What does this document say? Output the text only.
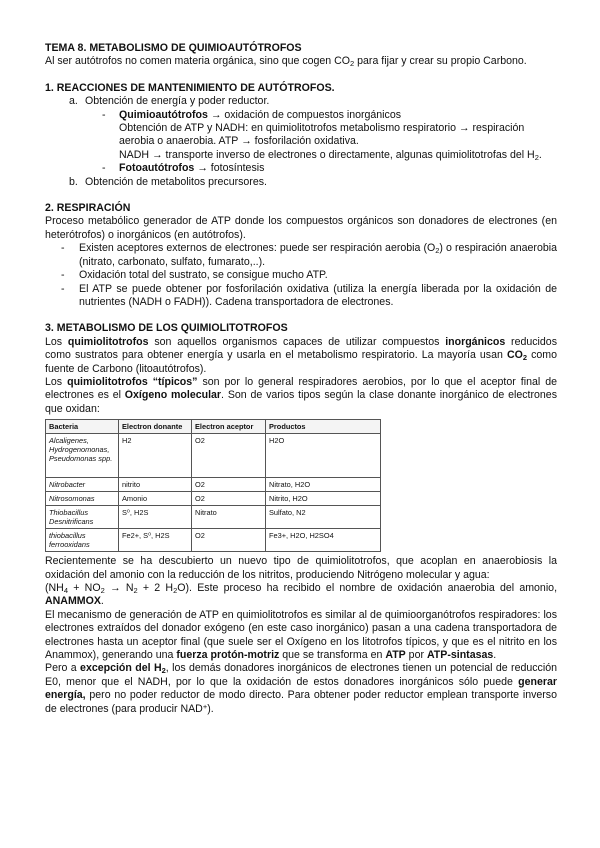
TEMA 8. METABOLISMO DE QUIMIOAUTÓTROFOS

Al ser autótrofos no comen materia orgánica, sino que cogen $CO_2$ para fijar y crear su propio Carbono.

1. REACCIONES DE MANTENIMIENTO DE AUTÓTROFOS.

a. Obtención de energía y poder reductor.
-	Quimioautótrofos → oxidación de compuestos inorgánicos

Obtención de ATP y NADH: en quimiolitotrofos metabolismo respiratorio → respiración aerobia o anaerobia. ATP → fosforilación oxidativa.

NADH → transporte inverso de electrones o directamente, algunas quimiolitotrofas del $H_2$.

-	Fotoautótrofos → fotosíntesis
b. Obtención de metabolitos precursores.

2. RESPIRACIÓN

Proceso metabólico generador de ATP donde los compuestos orgánicos son donadores de electrones (en heterótrofos) o inorgánicos (en autótrofos).

-	Existen aceptores externos de electrones: puede ser respiración aerobia $(O_2)$ o respiración anaerobia (nitrato, carbonato, sulfato, fumarato,..).
-	Oxidación total del sustrato, se consigue mucho ATP.
-	El ATP se puede obtener por fosforilación oxidativa (utiliza la energía liberada por la oxidación de nutrientes (NADH o FADH)). Cadena transportadora de electrones.

3. METABOLISMO DE LOS QUIMIOLITOTROFOS

Los quimiolitotrofos son aquellos organismos capaces de utilizar compuestos inorgánicos reducidos como sustratos para obtener energía y usarla en el metabolismo respiratorio. La mayoría usan $CO_2$ como fuente de Carbono (litoautótrofos).

Los quimiolitotrofos “típicos” son por lo general respiradores aerobios, por lo que el aceptor final de electrones es el Oxígeno molecular. Son de varios tipos según la clase donante inorgánico de electrones que oxidan:

Bacteria	Electron donante	Electron aceptor	Productos
Alcaligenes, Hydrogenomonas, Pseudomonas spp.	H2	O2	H2O
Nitrobacter	nitrito	O2	Nitrato, H2O
Nitrosomonas	Amonio	O2	Nitrito, H2O
Thiobacillus Desnitrificans	S⁰, H2S	Nitrato	Sulfato, N2
thiobacillus ferrooxidans	Fe2+, S⁰, H2S	O2	Fe3+, H2O, H2SO4

Recientemente se ha descubierto un nuevo tipo de quimiolitotrofos, que acoplan en anaerobiosis la oxidación del amonio con la reducción de los nitritos, produciendo Nitrógeno molecular y agua:

($NH_4 + NO_2 \to N_2 + 2$ $H_2O$). Este proceso ha recibido el nombre de oxidación anaerobia del amonio, ANAMMOX.

El mecanismo de generación de ATP en quimiolitotrofos es similar al de quimioorganótrofos respiradores: los electrones extraídos del donador exógeno (en este caso inorgánico) pasan a una cadena transportadora de electrones hasta un aceptor final (que suele ser el Oxígeno en los litotrofos típicos, y que es el nitrito en los Anammox), generando una fuerza protón-motriz que se transforma en ATP por ATP-sintasas.

Pero a excepción del $H_2$, los demás donadores inorgánicos de electrones tienen un potencial de reducción E0, menor que el NADH, por lo que la oxidación de estos donadores inorgánicos sólo puede generar energía, pero no poder reductor de modo directo. Para obtener poder reductor emplean transporte inverso de electrones (para producir NAD+).
